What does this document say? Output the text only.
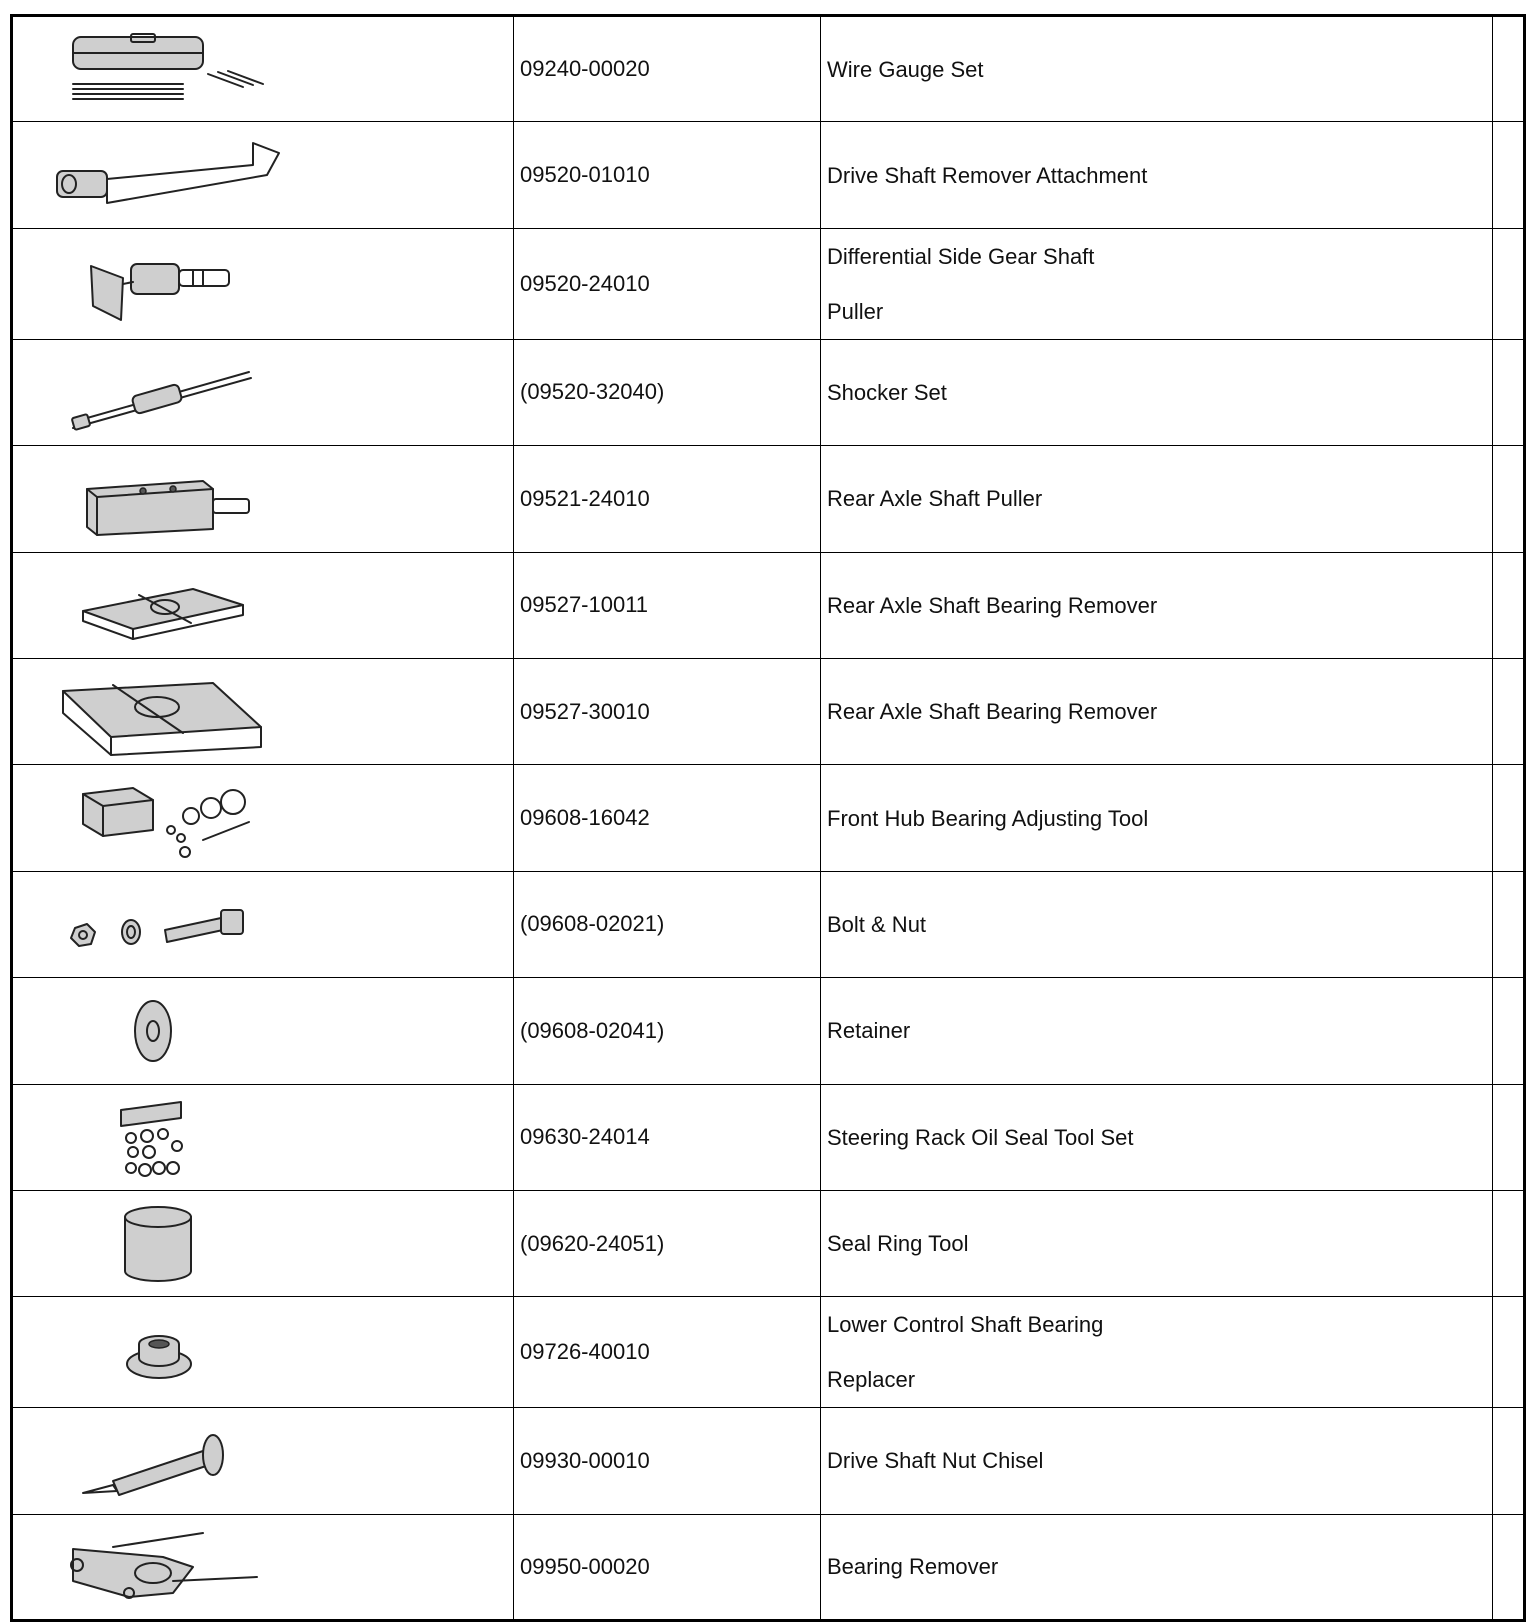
	09240-00020	Wire Gauge Set	

	09520-01010	Drive Shaft Remover Attachment	

	09520-24010	Differential Side Gear Shaft
Puller	

	(09520-32040)	Shocker Set	

	09521-24010	Rear Axle Shaft Puller	

	09527-10011	Rear Axle Shaft Bearing Remover	

	09527-30010	Rear Axle Shaft Bearing Remover	

	09608-16042	Front Hub Bearing Adjusting Tool	

	(09608-02021)	Bolt & Nut	

	(09608-02041)	Retainer	

	09630-24014	Steering Rack Oil Seal Tool Set	

	(09620-24051)	Seal Ring Tool	

	09726-40010	Lower Control Shaft Bearing
Replacer	

	09930-00010	Drive Shaft Nut Chisel	

	09950-00020	Bearing Remover	
